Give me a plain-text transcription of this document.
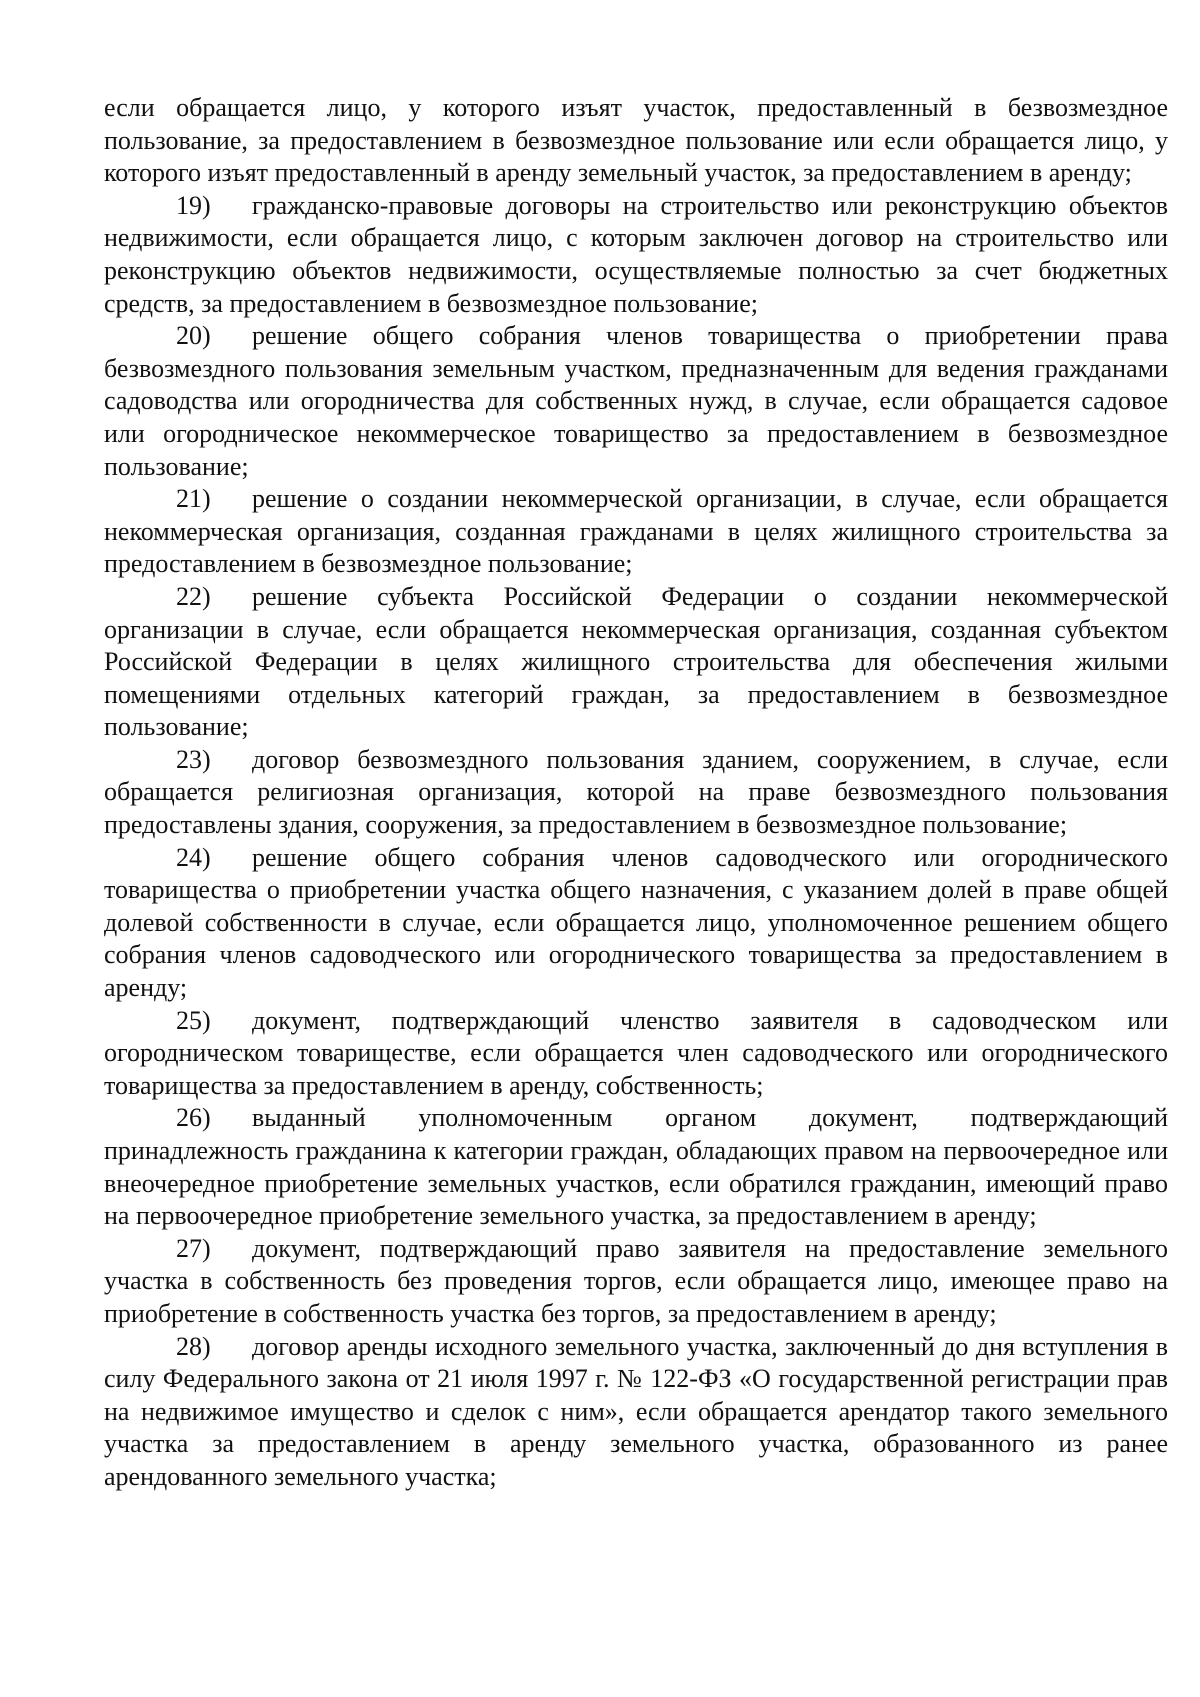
если обращается лицо, у которого изъят участок, предоставленный в безвозмездное пользование, за предоставлением в безвозмездное пользование или если обращается лицо, у которого изъят предоставленный в аренду земельный участок, за предоставлением в аренду;

19) гражданско-правовые договоры на строительство или реконструкцию объектов недвижимости, если обращается лицо, с которым заключен договор на строительство или реконструкцию объектов недвижимости, осуществляемые полностью за счет бюджетных средств, за предоставлением в безвозмездное пользование;

20) решение общего собрания членов товарищества о приобретении права безвозмездного пользования земельным участком, предназначенным для ведения гражданами садоводства или огородничества для собственных нужд, в случае, если обращается садовое или огородническое некоммерческое товарищество за предоставлением в безвозмездное пользование;

21) решение о создании некоммерческой организации, в случае, если обращается некоммерческая организация, созданная гражданами в целях жилищного строительства за предоставлением в безвозмездное пользование;

22) решение субъекта Российской Федерации о создании некоммерческой организации в случае, если обращается некоммерческая организация, созданная субъектом Российской Федерации в целях жилищного строительства для обеспечения жилыми помещениями отдельных категорий граждан, за предоставлением в безвозмездное пользование;

23) договор безвозмездного пользования зданием, сооружением, в случае, если обращается религиозная организация, которой на праве безвозмездного пользования предоставлены здания, сооружения, за предоставлением в безвозмездное пользование;

24) решение общего собрания членов садоводческого или огороднического товарищества о приобретении участка общего назначения, с указанием долей в праве общей долевой собственности в случае, если обращается лицо, уполномоченное решением общего собрания членов садоводческого или огороднического товарищества за предоставлением в аренду;

25) документ, подтверждающий членство заявителя в садоводческом или огородническом товариществе, если обращается член садоводческого или огороднического товарищества за предоставлением в аренду, собственность;

26) выданный уполномоченным органом документ, подтверждающий принадлежность гражданина к категории граждан, обладающих правом на первоочередное или внеочередное приобретение земельных участков, если обратился гражданин, имеющий право на первоочередное приобретение земельного участка, за предоставлением в аренду;

27) документ, подтверждающий право заявителя на предоставление земельного участка в собственность без проведения торгов, если обращается лицо, имеющее право на приобретение в собственность участка без торгов, за предоставлением в аренду;

28) договор аренды исходного земельного участка, заключенный до дня вступления в силу Федерального закона от 21 июля 1997 г. № 122-ФЗ «О государственной регистрации прав на недвижимое имущество и сделок с ним», если обращается арендатор такого земельного участка за предоставлением в аренду земельного участка, образованного из ранее арендованного земельного участка;
